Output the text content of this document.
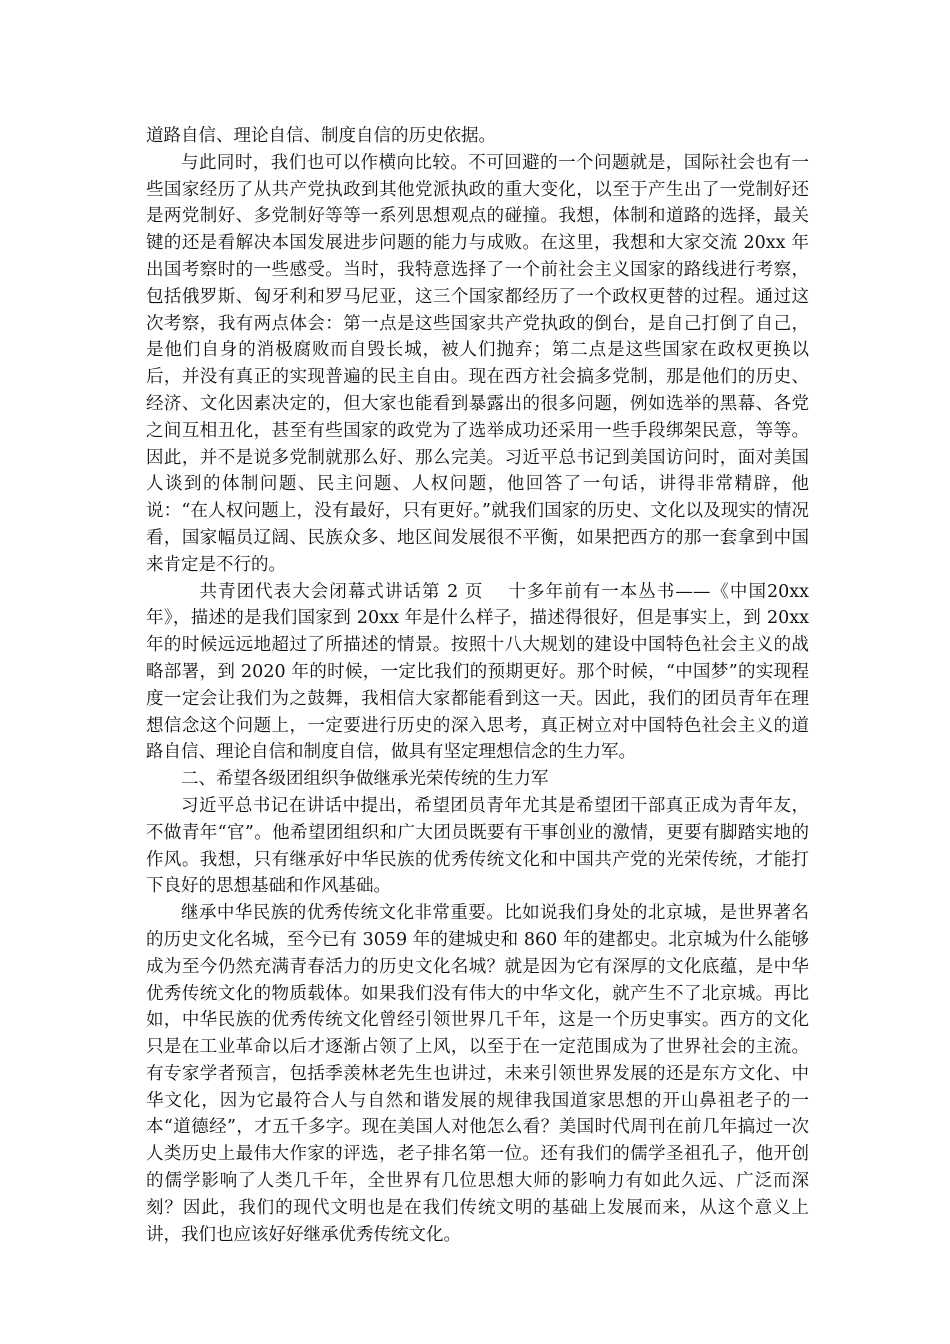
道路自信、理论自信、制度自信的历史依据。

与此同时，我们也可以作横向比较。不可回避的一个问题就是，国际社会也有一些国家经历了从共产党执政到其他党派执政的重大变化，以至于产生出了一党制好还是两党制好、多党制好等等一系列思想观点的碰撞。我想，体制和道路的选择，最关键的还是看解决本国发展进步问题的能力与成败。在这里，我想和大家交流 20xx 年出国考察时的一些感受。当时，我特意选择了一个前社会主义国家的路线进行考察，包括俄罗斯、匈牙利和罗马尼亚，这三个国家都经历了一个政权更替的过程。通过这次考察，我有两点体会：第一点是这些国家共产党执政的倒台，是自己打倒了自己，是他们自身的消极腐败而自毁长城，被人们抛弃；第二点是这些国家在政权更换以后，并没有真正的实现普遍的民主自由。现在西方社会搞多党制，那是他们的历史、经济、文化因素决定的，但大家也能看到暴露出的很多问题，例如选举的黑幕、各党之间互相丑化，甚至有些国家的政党为了选举成功还采用一些手段绑架民意，等等。因此，并不是说多党制就那么好、那么完美。习近平总书记到美国访问时，面对美国人谈到的体制问题、民主问题、人权问题，他回答了一句话，讲得非常精辟，他说：“在人权问题上，没有最好，只有更好。”就我们国家的历史、文化以及现实的情况看，国家幅员辽阔、民族众多、地区间发展很不平衡，如果把西方的那一套拿到中国来肯定是不行的。

　共青团代表大会闭幕式讲话第 2 页　 十多年前有一本丛书——《中国20xx 年》，描述的是我们国家到 20xx 年是什么样子，描述得很好，但是事实上，到 20xx 年的时候远远地超过了所描述的情景。按照十八大规划的建设中国特色社会主义的战略部署，到 2020 年的时候，一定比我们的预期更好。那个时候，“中国梦”的实现程度一定会让我们为之鼓舞，我相信大家都能看到这一天。因此，我们的团员青年在理想信念这个问题上，一定要进行历史的深入思考，真正树立对中国特色社会主义的道路自信、理论自信和制度自信，做具有坚定理想信念的生力军。

二、希望各级团组织争做继承光荣传统的生力军

习近平总书记在讲话中提出，希望团员青年尤其是希望团干部真正成为青年友，不做青年“官”。他希望团组织和广大团员既要有干事创业的激情，更要有脚踏实地的作风。我想，只有继承好中华民族的优秀传统文化和中国共产党的光荣传统，才能打下良好的思想基础和作风基础。

继承中华民族的优秀传统文化非常重要。比如说我们身处的北京城，是世界著名的历史文化名城，至今已有 3059 年的建城史和 860 年的建都史。北京城为什么能够成为至今仍然充满青春活力的历史文化名城？就是因为它有深厚的文化底蕴，是中华优秀传统文化的物质载体。如果我们没有伟大的中华文化，就产生不了北京城。再比如，中华民族的优秀传统文化曾经引领世界几千年，这是一个历史事实。西方的文化只是在工业革命以后才逐渐占领了上风，以至于在一定范围成为了世界社会的主流。有专家学者预言，包括季羡林老先生也讲过，未来引领世界发展的还是东方文化、中华文化，因为它最符合人与自然和谐发展的规律我国道家思想的开山鼻祖老子的一本“道德经”，才五千多字。现在美国人对他怎么看？美国时代周刊在前几年搞过一次人类历史上最伟大作家的评选，老子排名第一位。还有我们的儒学圣祖孔子，他开创的儒学影响了人类几千年，全世界有几位思想大师的影响力有如此久远、广泛而深刻？因此，我们的现代文明也是在我们传统文明的基础上发展而来，从这个意义上讲，我们也应该好好继承优秀传统文化。
